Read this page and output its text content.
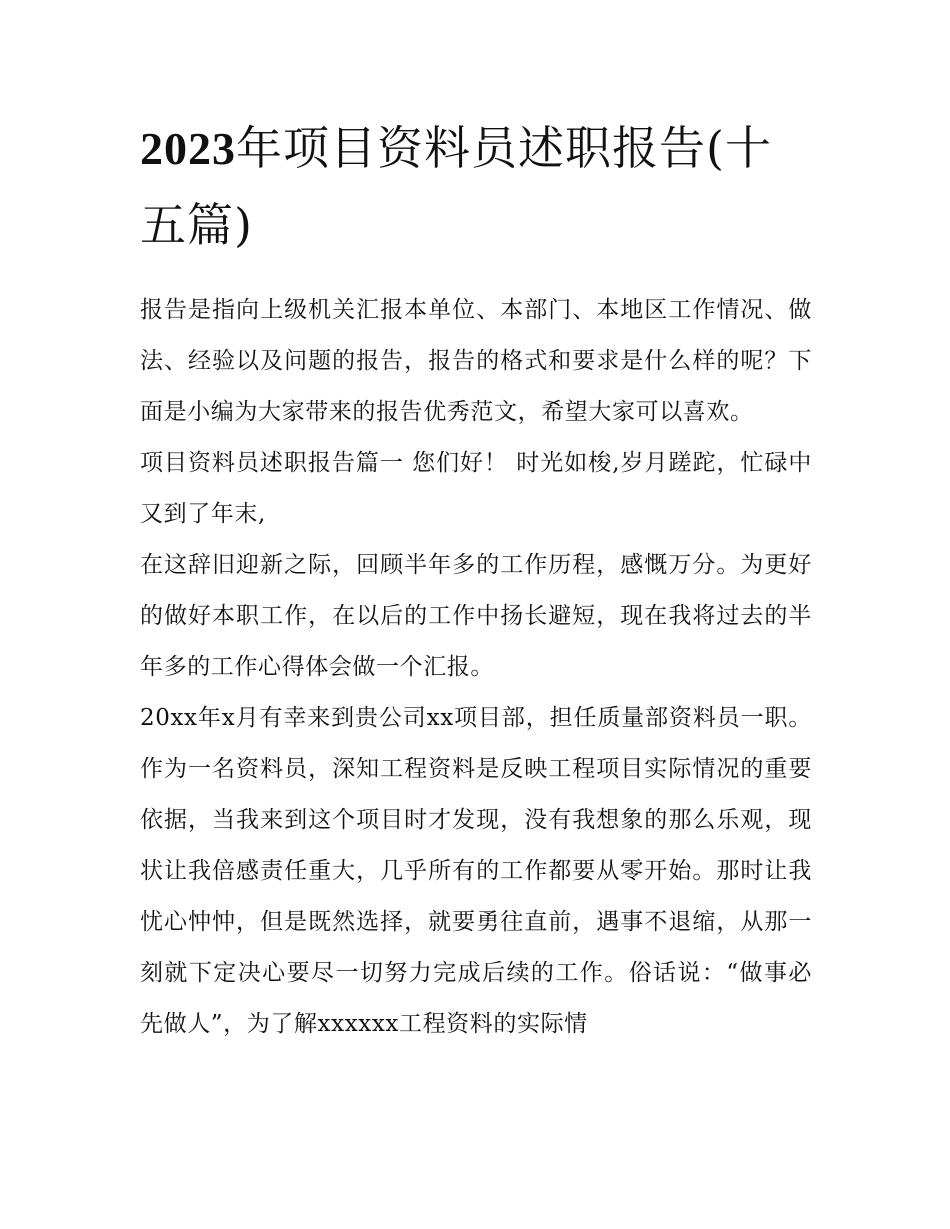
2023年项目资料员述职报告(十五篇)

报告是指向上级机关汇报本单位、本部门、本地区工作情况、做法、经验以及问题的报告，报告的格式和要求是什么样的呢？下面是小编为大家带来的报告优秀范文，希望大家可以喜欢。

项目资料员述职报告篇一 您们好！ 时光如梭,岁月蹉跎，忙碌中又到了年末,

在这辞旧迎新之际，回顾半年多的工作历程，感慨万分。为更好的做好本职工作，在以后的工作中扬长避短，现在我将过去的半年多的工作心得体会做一个汇报。

20xx年x月有幸来到贵公司xx项目部，担任质量部资料员一职。作为一名资料员，深知工程资料是反映工程项目实际情况的重要依据，当我来到这个项目时才发现，没有我想象的那么乐观，现状让我倍感责任重大，几乎所有的工作都要从零开始。那时让我忧心忡忡，但是既然选择，就要勇往直前，遇事不退缩，从那一刻就下定决心要尽一切努力完成后续的工作。俗话说：“做事必先做人”，为了解xxxxxx工程资料的实际情
